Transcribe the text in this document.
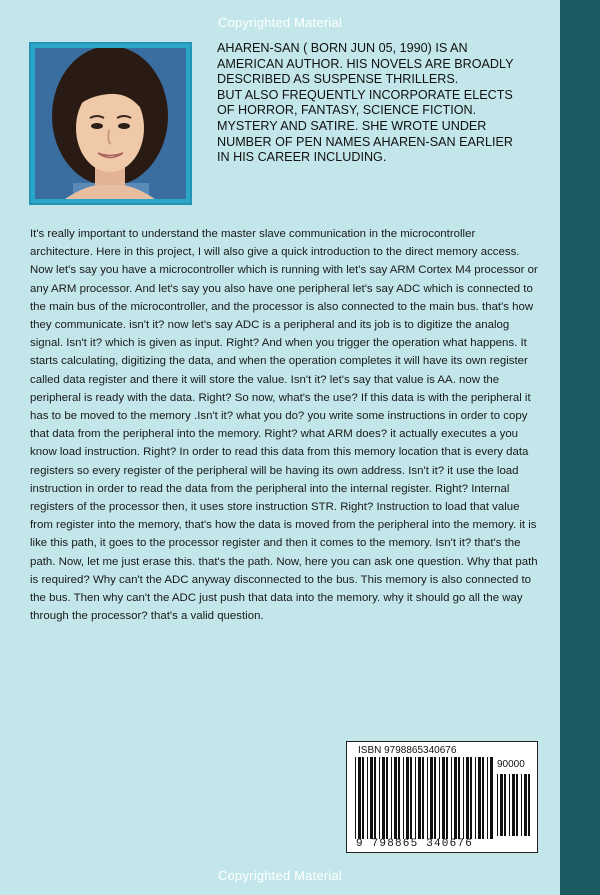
Copyrighted Material
AHAREN-SAN ( BORN JUN 05, 1990) IS AN
AMERICAN AUTHOR. HIS NOVELS ARE BROADLY
DESCRIBED AS SUSPENSE THRILLERS.
BUT ALSO FREQUENTLY INCORPORATE ELECTS
OF HORROR, FANTASY, SCIENCE FICTION.
MYSTERY AND SATIRE. SHE WROTE UNDER
NUMBER OF PEN NAMES AHAREN-SAN EARLIER
IN HIS CAREER INCLUDING.
It's really important to understand the master slave communication in the microcontroller architecture. Here in this project, I will also give a quick introduction to the direct memory access. Now let's say you have a microcontroller which is running with let's say ARM Cortex M4 processor or any ARM processor. And let's say you also have one peripheral let's say ADC which is connected to the main bus of the microcontroller, and the processor is also connected to the main bus. that's how they communicate. isn't it? now let's say ADC is a peripheral and its job is to digitize the analog signal. Isn't it? which is given as input. Right? And when you trigger the operation what happens. It starts calculating, digitizing the data, and when the operation completes it will have its own register called data register and there it will store the value. Isn't it? let's say that value is AA. now the peripheral is ready with the data. Right? So now, what's the use? If this data is with the peripheral it has to be moved to the memory .Isn't it? what you do? you write some instructions in order to copy that data from the peripheral into the memory. Right? what ARM does? it actually executes a you know load instruction. Right? In order to read this data from this memory location that is every data registers so every register of the peripheral will be having its own address. Isn't it? it use the load instruction in order to read the data from the peripheral into the internal register. Right? Internal registers of the processor then, it uses store instruction STR. Right? Instruction to load that value from register into the memory, that's how the data is moved from the peripheral into the memory. it is like this path, it goes to the processor register and then it comes to the memory. Isn't it? that's the path. Now, let me just erase this. that's the path. Now, here you can ask one question. Why that path is required? Why can't the ADC anyway disconnected to the bus. This memory is also connected to the bus. Then why can't the ADC just push that data into the memory. why it should go all the way through the processor? that's a valid question.
ISBN 9798865340676
90000
9 798865 340676
Copyrighted Material
